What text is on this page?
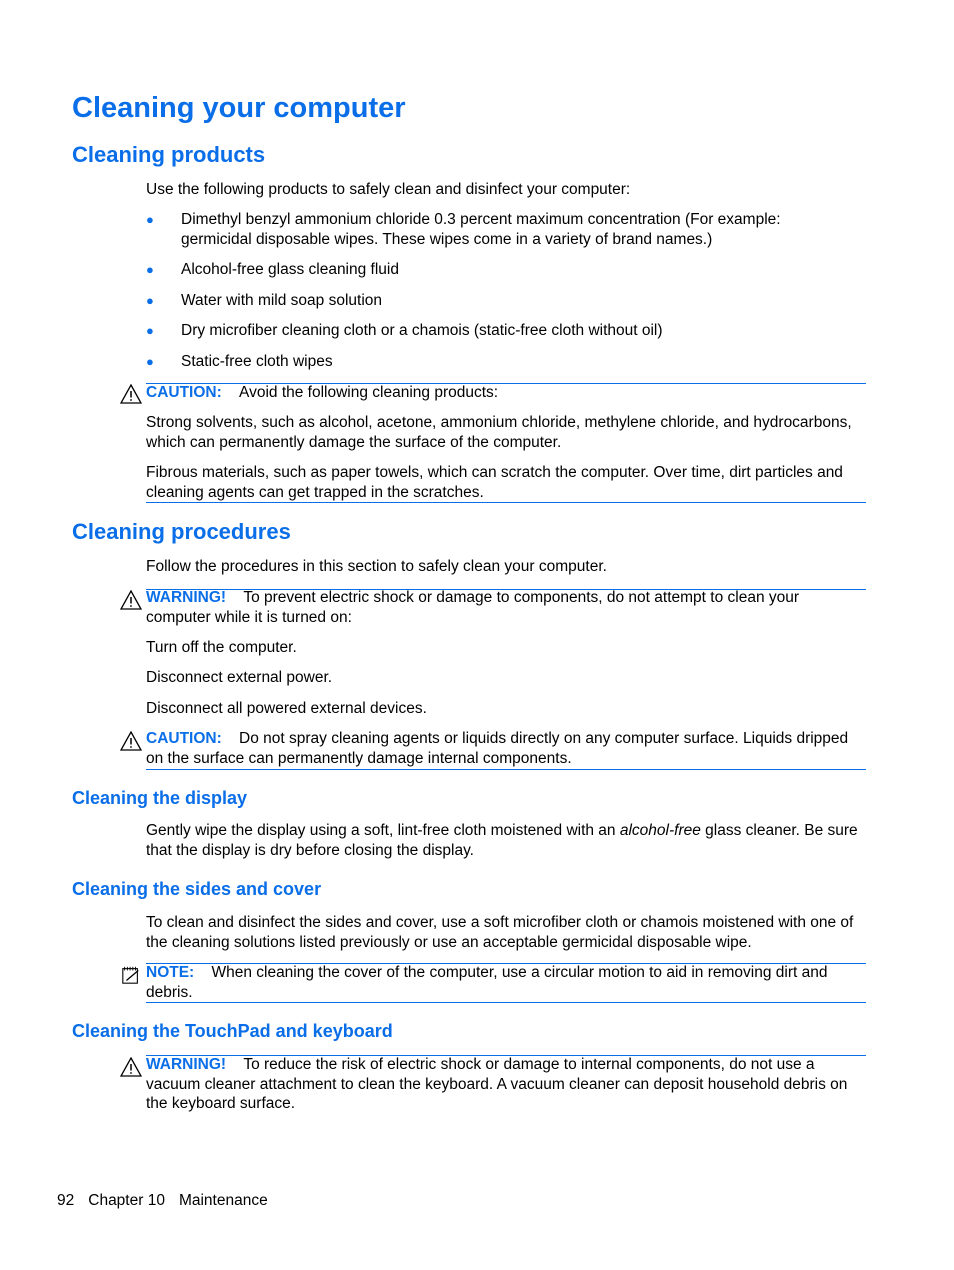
Cleaning your computer
Cleaning products

Use the following products to safely clean and disinfect your computer:

● Dimethyl benzyl ammonium chloride 0.3 percent maximum concentration (For example: germicidal disposable wipes. These wipes come in a variety of brand names.)
● Alcohol-free glass cleaning fluid
● Water with mild soap solution
● Dry microfiber cleaning cloth or a chamois (static-free cloth without oil)
● Static-free cloth wipes

CAUTION: Avoid the following cleaning products:

Strong solvents, such as alcohol, acetone, ammonium chloride, methylene chloride, and hydrocarbons, which can permanently damage the surface of the computer.

Fibrous materials, such as paper towels, which can scratch the computer. Over time, dirt particles and cleaning agents can get trapped in the scratches.

Cleaning procedures

Follow the procedures in this section to safely clean your computer.

WARNING! To prevent electric shock or damage to components, do not attempt to clean your computer while it is turned on:

Turn off the computer.

Disconnect external power.

Disconnect all powered external devices.

CAUTION: Do not spray cleaning agents or liquids directly on any computer surface. Liquids dripped on the surface can permanently damage internal components.

Cleaning the display

Gently wipe the display using a soft, lint-free cloth moistened with an alcohol-free glass cleaner. Be sure that the display is dry before closing the display.

Cleaning the sides and cover

To clean and disinfect the sides and cover, use a soft microfiber cloth or chamois moistened with one of the cleaning solutions listed previously or use an acceptable germicidal disposable wipe.

NOTE: When cleaning the cover of the computer, use a circular motion to aid in removing dirt and debris.

Cleaning the TouchPad and keyboard

WARNING! To reduce the risk of electric shock or damage to internal components, do not use a vacuum cleaner attachment to clean the keyboard. A vacuum cleaner can deposit household debris on the keyboard surface.

92 Chapter 10 Maintenance
